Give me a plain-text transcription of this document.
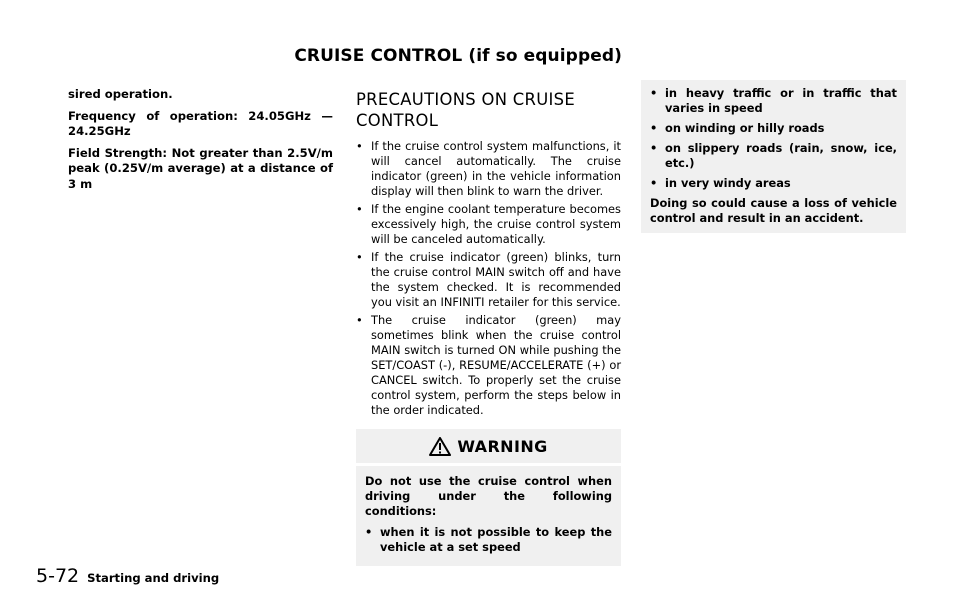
CRUISE CONTROL (if so equipped)

sired operation.

Frequency of operation: 24.05GHz — 24.25GHz

Field Strength: Not greater than 2.5V/m peak (0.25V/m average) at a distance of 3 m

PRECAUTIONS ON CRUISE CONTROL
• If the cruise control system malfunctions, it will cancel automatically. The cruise indicator (green) in the vehicle information display will then blink to warn the driver.
• If the engine coolant temperature becomes excessively high, the cruise control system will be canceled automatically.
• If the cruise indicator (green) blinks, turn the cruise control MAIN switch off and have the system checked. It is recommended you visit an INFINITI retailer for this service.
• The cruise indicator (green) may sometimes blink when the cruise control MAIN switch is turned ON while pushing the SET/COAST (-), RESUME/ACCELERATE (+) or CANCEL switch. To properly set the cruise control system, perform the steps below in the order indicated.
WARNING

Do not use the cruise control when driving under the following conditions:

• when it is not possible to keep the vehicle at a set speed
• in heavy traffic or in traffic that varies in speed
• on winding or hilly roads
• on slippery roads (rain, snow, ice, etc.)
• in very windy areas

Doing so could cause a loss of vehicle control and result in an accident.

5-72 Starting and driving
